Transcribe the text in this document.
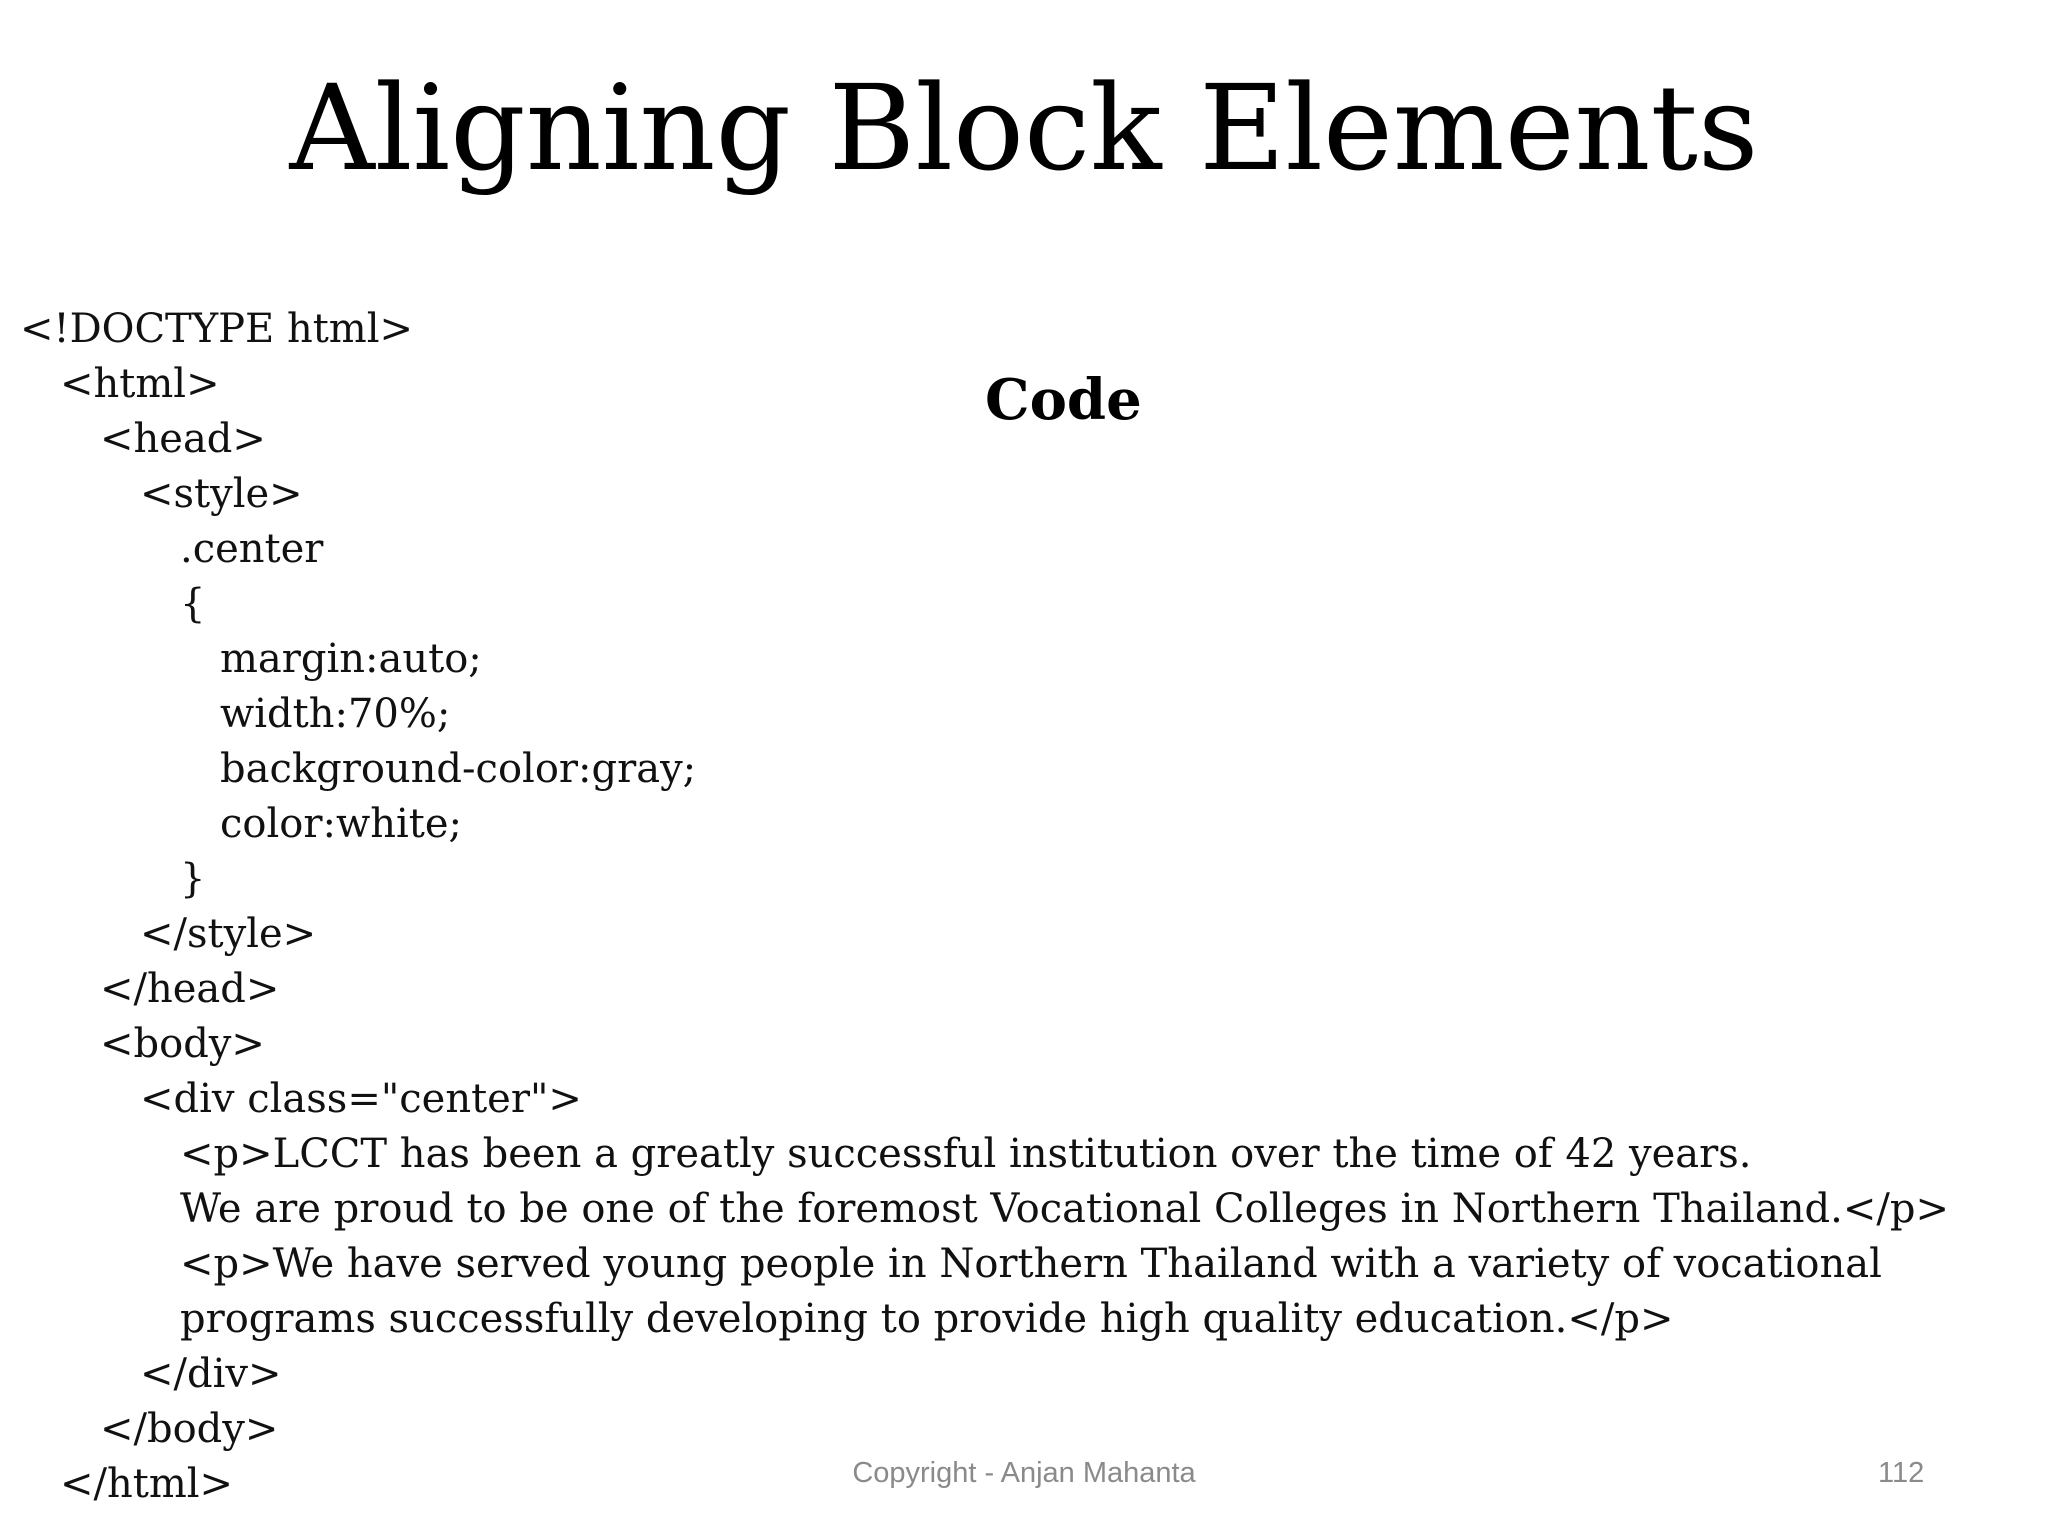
Aligning Block Elements
Code
<!DOCTYPE html>
<html>
<head>
<style>
.center
{
margin:auto;
width:70%;
background-color:gray;
color:white;
}
</style>
</head>
<body>
<div class="center">
<p>LCCT has been a greatly successful institution over the time of 42 years.
We are proud to be one of the foremost Vocational Colleges in Northern Thailand.</p>
<p>We have served young people in Northern Thailand with a variety of vocational
programs successfully developing to provide high quality education.</p>
</div>
</body>
</html>	Copyright - Anjan Mahanta	112
